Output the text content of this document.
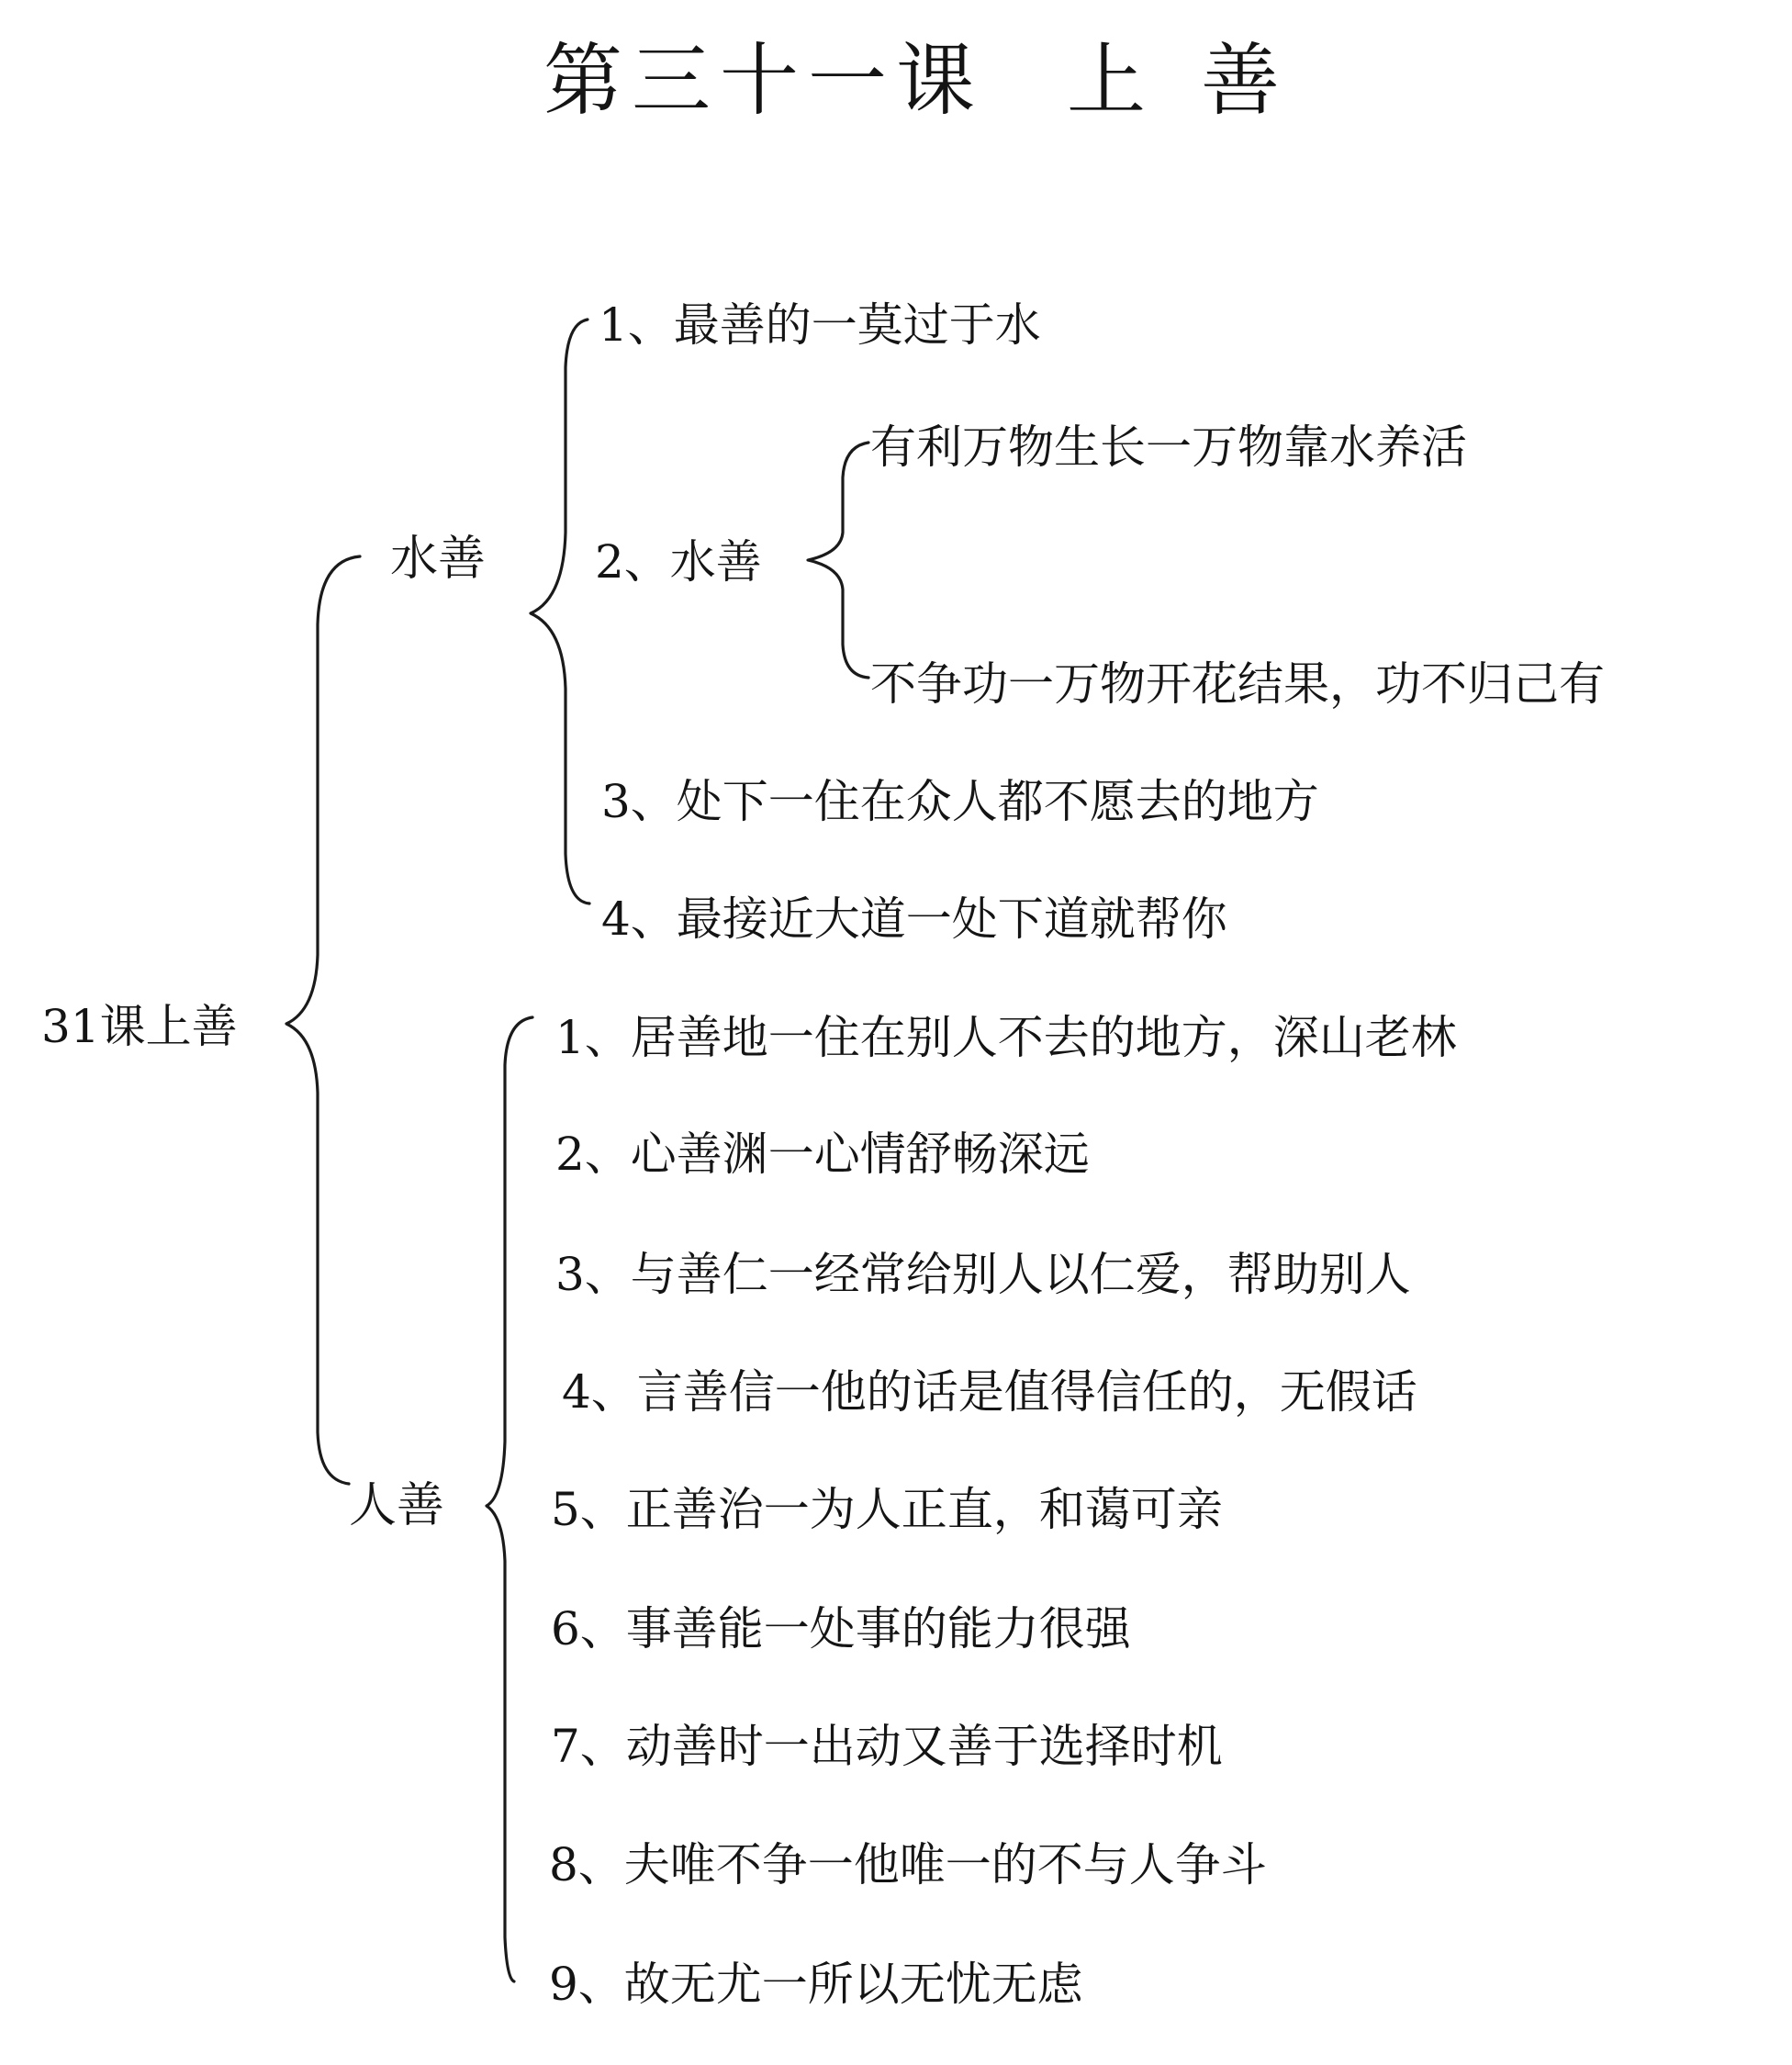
第三十一课 上善
31课上善
水善
人善
1、最善的一莫过于水
2、水善
3、处下一住在众人都不愿去的地方
4、最接近大道一处下道就帮你
有利万物生长一万物靠水养活
不争功一万物开花结果，功不归己有
1、居善地一住在别人不去的地方，深山老林
2、心善渊一心情舒畅深远
3、与善仁一经常给别人以仁爱，帮助别人
4、言善信一他的话是值得信任的，无假话
5、正善治一为人正直，和蔼可亲
6、事善能一处事的能力很强
7、动善时一出动又善于选择时机
8、夫唯不争一他唯一的不与人争斗
9、故无尤一所以无忧无虑
